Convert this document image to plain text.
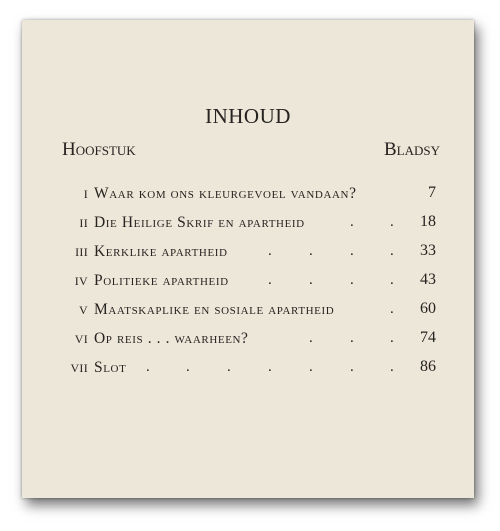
INHOUD
Hoofstuk	Bladsy
I Waar kom ons kleurgevoel vandaan?	7
II Die Heilige Skrif en apartheid	. . 18
III Kerklike apartheid	. . . . 33
IV Politieke apartheid	. . . . 43
V Maatskaplike en sosiale apartheid	. 60
VI Op reis . . . waarheen?	. . . 74
VII Slot . . . . . . . 86
